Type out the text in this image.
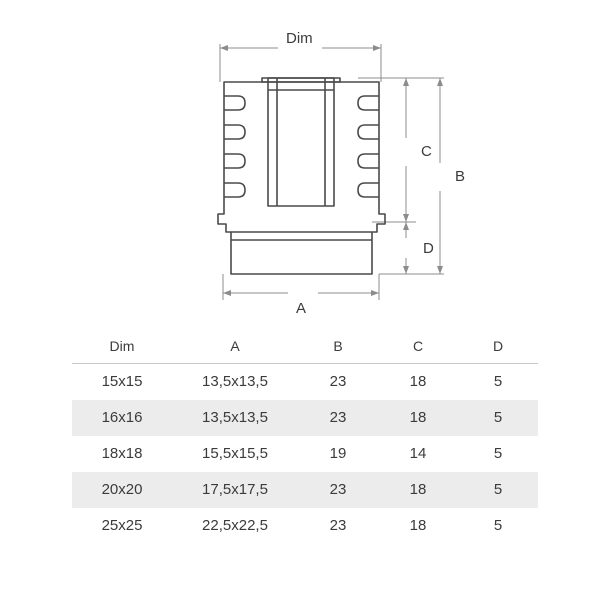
Dim
A
B
C
D
Dim	A	B	C	D
15x15	13,5x13,5	23	18	5
16x16	13,5x13,5	23	18	5
18x18	15,5x15,5	19	14	5
20x20	17,5x17,5	23	18	5
25x25	22,5x22,5	23	18	5
